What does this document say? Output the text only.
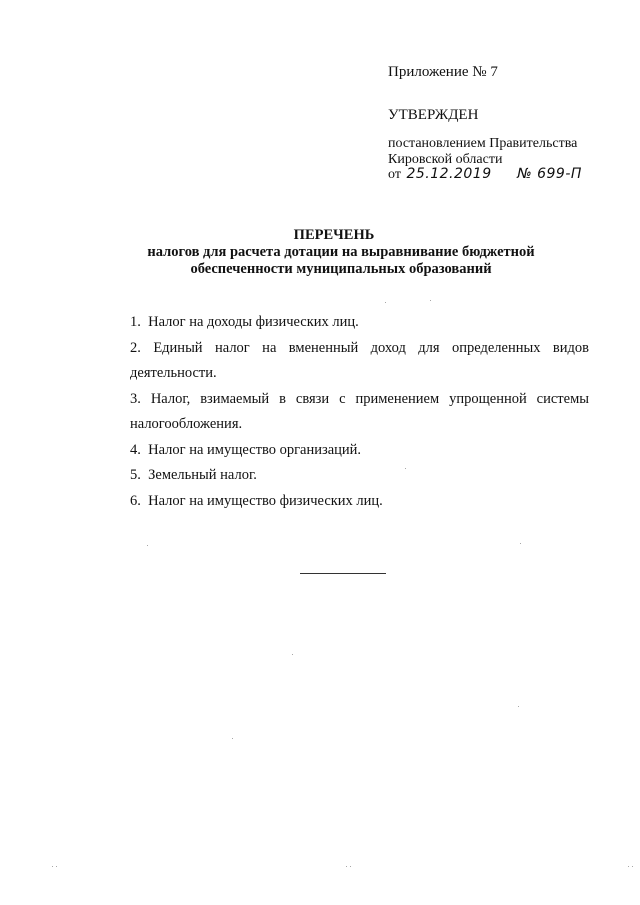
Приложение № 7
УТВЕРЖДЕН
постановлением Правительства
Кировской области
от 25.12.2019 № 699-П
ПЕРЕЧЕНЬ
налогов для расчета дотации на выравнивание бюджетной
обеспеченности муниципальных образований
1. Налог на доходы физических лиц.
2. Единый налог на вмененный доход для определенных видов деятельности.
3. Налог, взимаемый в связи с применением упрощенной системы налогообложения.
4. Налог на имущество организаций.
5. Земельный налог.
6. Налог на имущество физических лиц.
